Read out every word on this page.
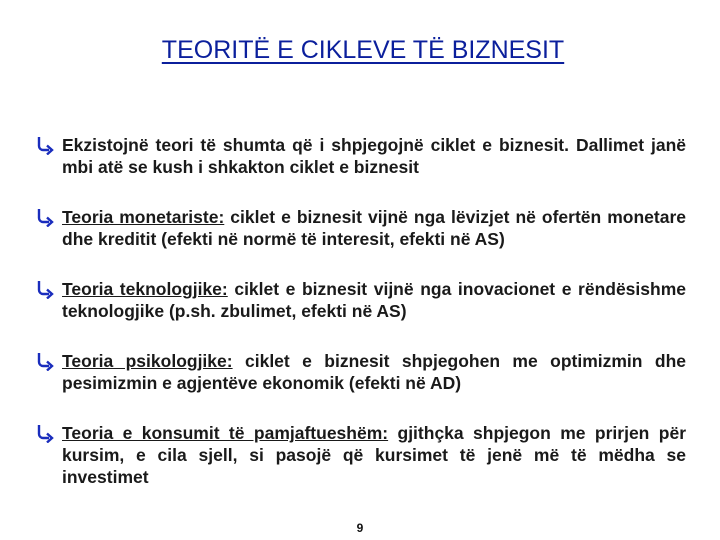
TEORITË E CIKLEVE TË BIZNESIT
Ekzistojnë teori të shumta që i shpjegojnë ciklet e biznesit. Dallimet janë mbi atë se kush i shkakton ciklet e biznesit
Teoria monetariste: ciklet e biznesit vijnë nga lëvizjet në ofertën monetare dhe kreditit (efekti në normë të interesit, efekti në AS)
Teoria teknologjike: ciklet e biznesit vijnë nga inovacionet e rëndësishme teknologjike (p.sh. zbulimet, efekti në AS)
Teoria psikologjike: ciklet e biznesit shpjegohen me optimizmin dhe pesimizmin e agjentëve ekonomik (efekti në AD)
Teoria e konsumit të pamjaftueshëm: gjithçka shpjegon me prirjen për kursim, e cila sjell, si pasojë që kursimet të jenë më të mëdha se investimet
9
